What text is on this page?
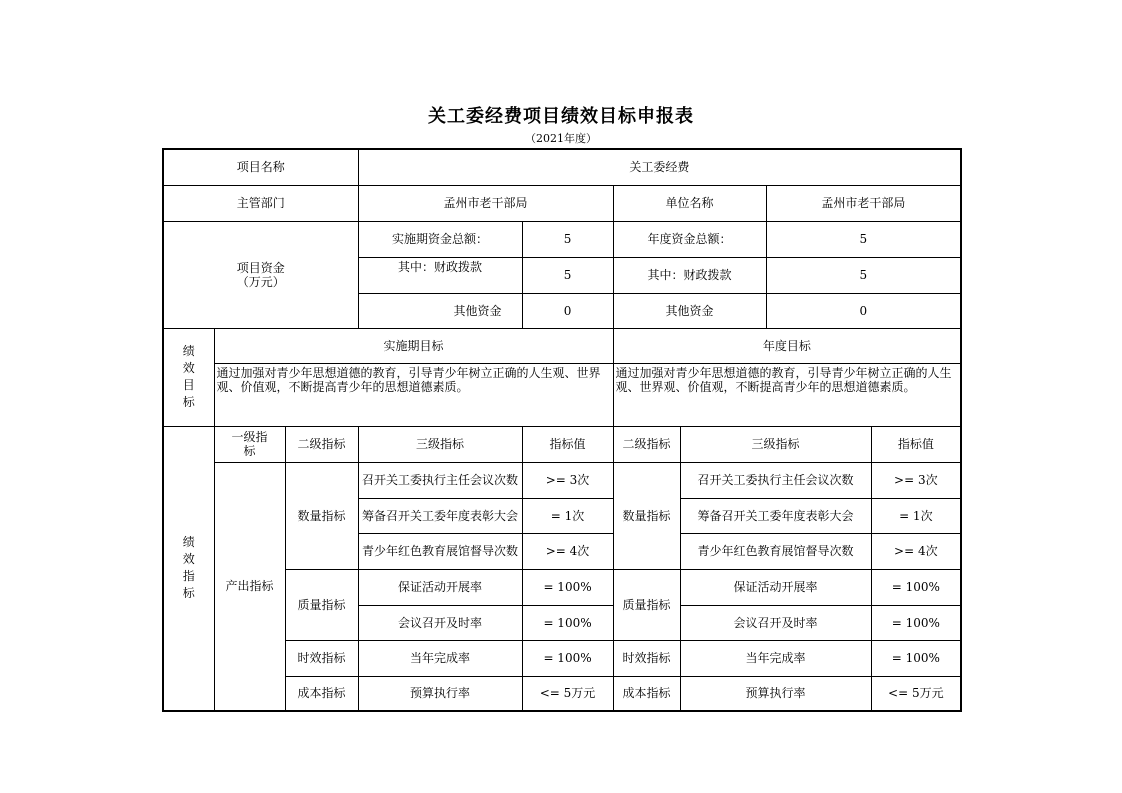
关工委经费项目绩效目标申报表
（2021年度）
项目名称			关工委经费					
主管部门			孟州市老干部局		单位名称		孟州市老干部局	

项目资金
（万元）			实施期资金总额：	5	年度资金总额：		5	
			其中：财政拨款	5	其中：财政拨款		5	
			其他资金	0	其他资金		0	

绩
效
目
标	实施期目标				年度目标			
	通过加强对青少年思想道德的教育，引导青少年树立正确的人生观、世界观、价值观，不断提高青少年的思想道德素质。				通过加强对青少年思想道德的教育，引导青少年树立正确的人生观、世界观、价值观，不断提高青少年的思想道德素质。			

绩
效
指
标	一级指标	二级指标	三级指标	指标值	二级指标	三级指标		指标值
	产出指标	数量指标	召开关工委执行主任会议次数	>= 3次	数量指标	召开关工委执行主任会议次数		>= 3次
			筹备召开关工委年度表彰大会	= 1次		筹备召开关工委年度表彰大会		= 1次
			青少年红色教育展馆督导次数	>= 4次		青少年红色教育展馆督导次数		>= 4次
		质量指标	保证活动开展率	= 100%	质量指标	保证活动开展率		= 100%
			会议召开及时率	= 100%		会议召开及时率		= 100%
		时效指标	当年完成率	= 100%	时效指标	当年完成率		= 100%
		成本指标	预算执行率	<= 5万元	成本指标	预算执行率		<= 5万元
